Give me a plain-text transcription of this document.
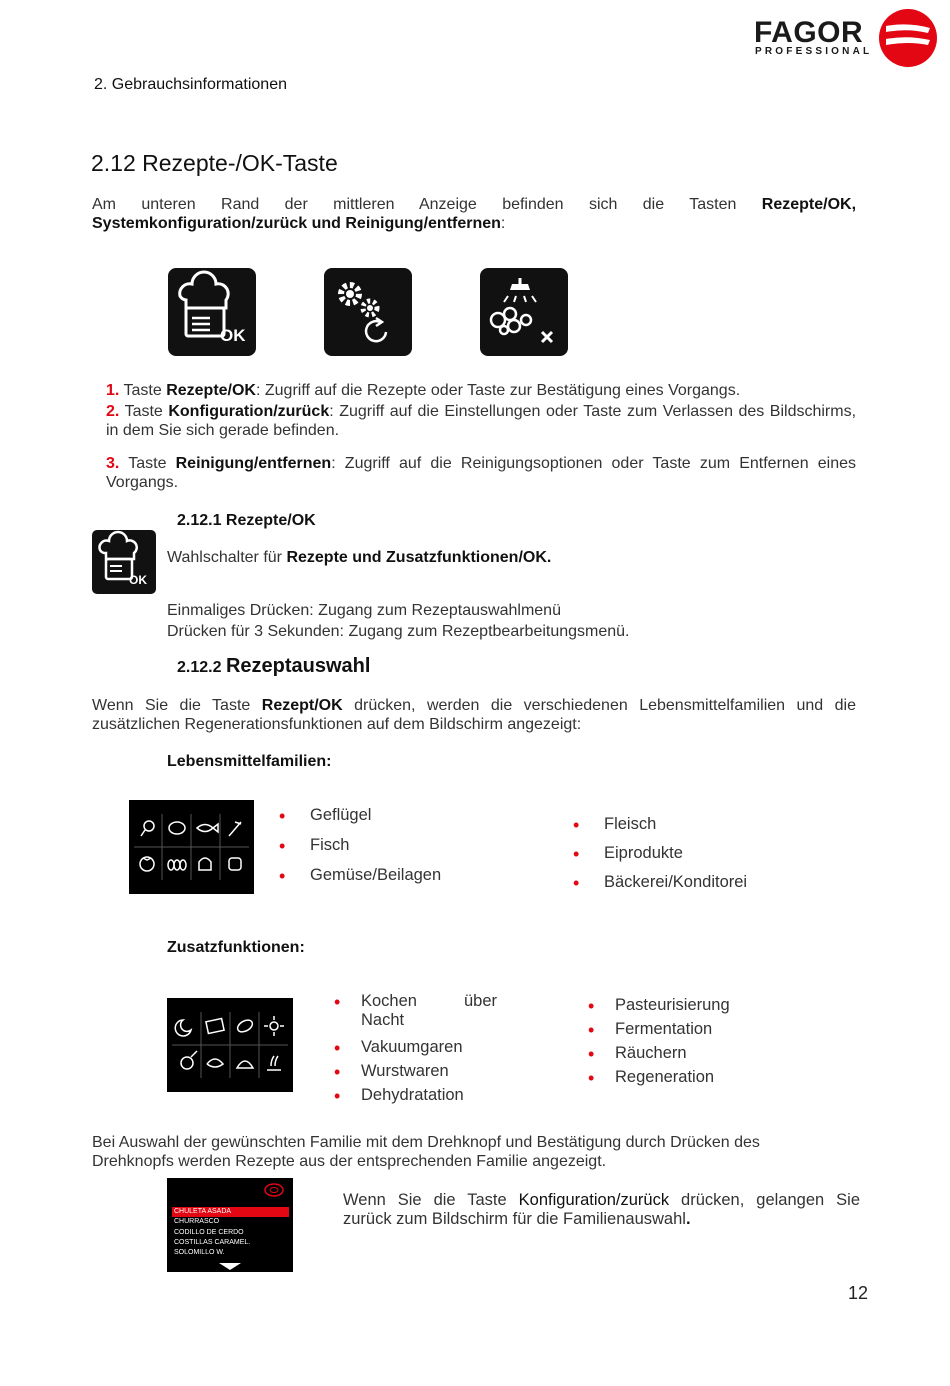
FAGOR
PROFESSIONAL
2. Gebrauchsinformationen
2.12 Rezepte-/OK-Taste
Am unteren Rand der mittleren Anzeige befinden sich die Tasten Rezepte/OK,
Systemkonfiguration/zurück und Reinigung/entfernen:
OK
1. Taste Rezepte/OK: Zugriff auf die Rezepte oder Taste zur Bestätigung eines Vorgangs.
2. Taste Konfiguration/zurück: Zugriff auf die Einstellungen oder Taste zum Verlassen des Bildschirms, in dem Sie sich gerade befinden.
3. Taste Reinigung/entfernen: Zugriff auf die Reinigungsoptionen oder Taste zum Entfernen eines Vorgangs.
2.12.1 Rezepte/OK
OK
Wahlschalter für Rezepte und Zusatzfunktionen/OK.
Einmaliges Drücken: Zugang zum Rezeptauswahlmenü
Drücken für 3 Sekunden: Zugang zum Rezeptbearbeitungsmenü.
2.12.2 Rezeptauswahl
Wenn Sie die Taste Rezept/OK drücken, werden die verschiedenen Lebensmittelfamilien und die zusätzlichen Regenerationsfunktionen auf dem Bildschirm angezeigt:
Lebensmittelfamilien:
• Geflügel
• Fisch
• Gemüse/Beilagen
• Fleisch
• Eiprodukte
• Bäckerei/Konditorei
Zusatzfunktionen:
• Kochen	über
Nacht
• Vakuumgaren
• Wurstwaren
• Dehydratation
• Pasteurisierung
• Fermentation
• Räuchern
• Regeneration
Bei Auswahl der gewünschten Familie mit dem Drehknopf und Bestätigung durch Drücken des Drehknopfs werden Rezepte aus der entsprechenden Familie angezeigt.
CHULETA ASADA
CHURRASCO
CODILLO DE CERDO
COSTILLAS CARAMEL.
SOLOMILLO W.
Wenn Sie die Taste Konfiguration/zurück drücken, gelangen Sie zurück zum Bildschirm für die Familienauswahl.
12
